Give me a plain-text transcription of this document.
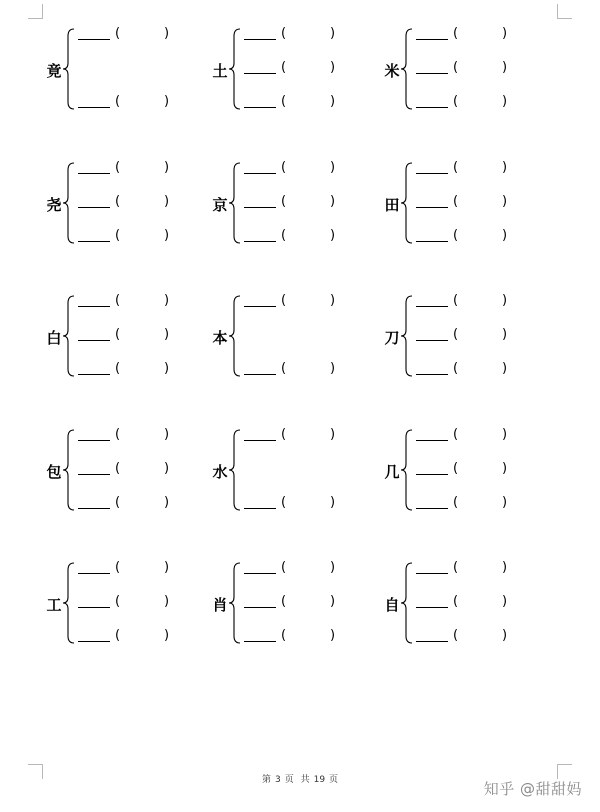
竟
(	)
(	)
土
(	)
(	)
(	)
米
(	)
(	)
(	)
尧
(	)
(	)
(	)
京
(	)
(	)
(	)
田
(	)
(	)
(	)
白
(	)
(	)
(	)
本
(	)
(	)
刀
(	)
(	)
(	)
包
(	)
(	)
(	)
水
(	)
(	)
几
(	)
(	)
(	)
工
(	)
(	)
(	)
肖
(	)
(	)
(	)
自
(	)
(	)
(	)
第 3 页 共 19 页	知乎 @甜甜妈
